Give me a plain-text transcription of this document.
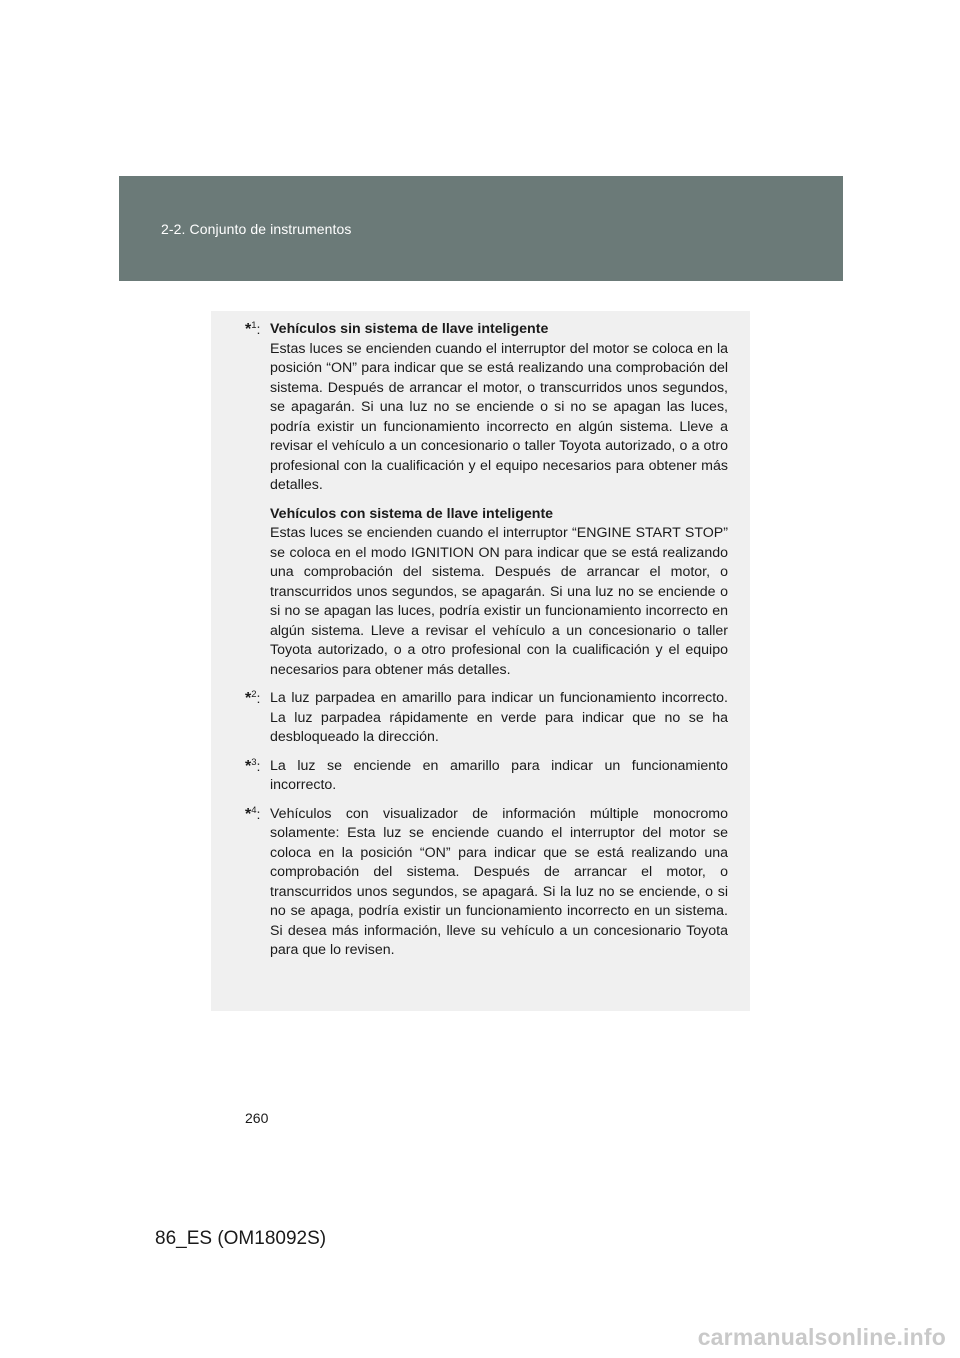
2-2. Conjunto de instrumentos
*$^1$: Vehículos sin sistema de llave inteligente
Estas luces se encienden cuando el interruptor del motor se coloca en la posición “ON” para indicar que se está realizando una comprobación del sistema. Después de arrancar el motor, o transcurridos unos segundos, se apagarán. Si una luz no se enciende o si no se apagan las luces, podría existir un funcionamiento incorrecto en algún sistema. Lleve a revisar el vehículo a un concesionario o taller Toyota autorizado, o a otro profesional con la cualificación y el equipo necesarios para obtener más detalles.
Vehículos con sistema de llave inteligente
Estas luces se encienden cuando el interruptor “ENGINE START STOP” se coloca en el modo IGNITION ON para indicar que se está realizando una comprobación del sistema. Después de arrancar el motor, o transcurridos unos segundos, se apagarán. Si una luz no se enciende o si no se apagan las luces, podría existir un funcionamiento incorrecto en algún sistema. Lleve a revisar el vehículo a un concesionario o taller Toyota autorizado, o a otro profesional con la cualificación y el equipo necesarios para obtener más detalles.
*$^2$: La luz parpadea en amarillo para indicar un funcionamiento incorrecto. La luz parpadea rápidamente en verde para indicar que no se ha desbloqueado la dirección.
*$^3$: La luz se enciende en amarillo para indicar un funcionamiento incorrecto.
*$^4$: Vehículos con visualizador de información múltiple monocromo solamente: Esta luz se enciende cuando el interruptor del motor se coloca en la posición “ON” para indicar que se está realizando una comprobación del sistema. Después de arrancar el motor, o transcurridos unos segundos, se apagará. Si la luz no se enciende, o si no se apaga, podría existir un funcionamiento incorrecto en un sistema. Si desea más información, lleve su vehículo a un concesionario Toyota para que lo revisen.
260
86_ES (OM18092S)
carmanualsonline.info
